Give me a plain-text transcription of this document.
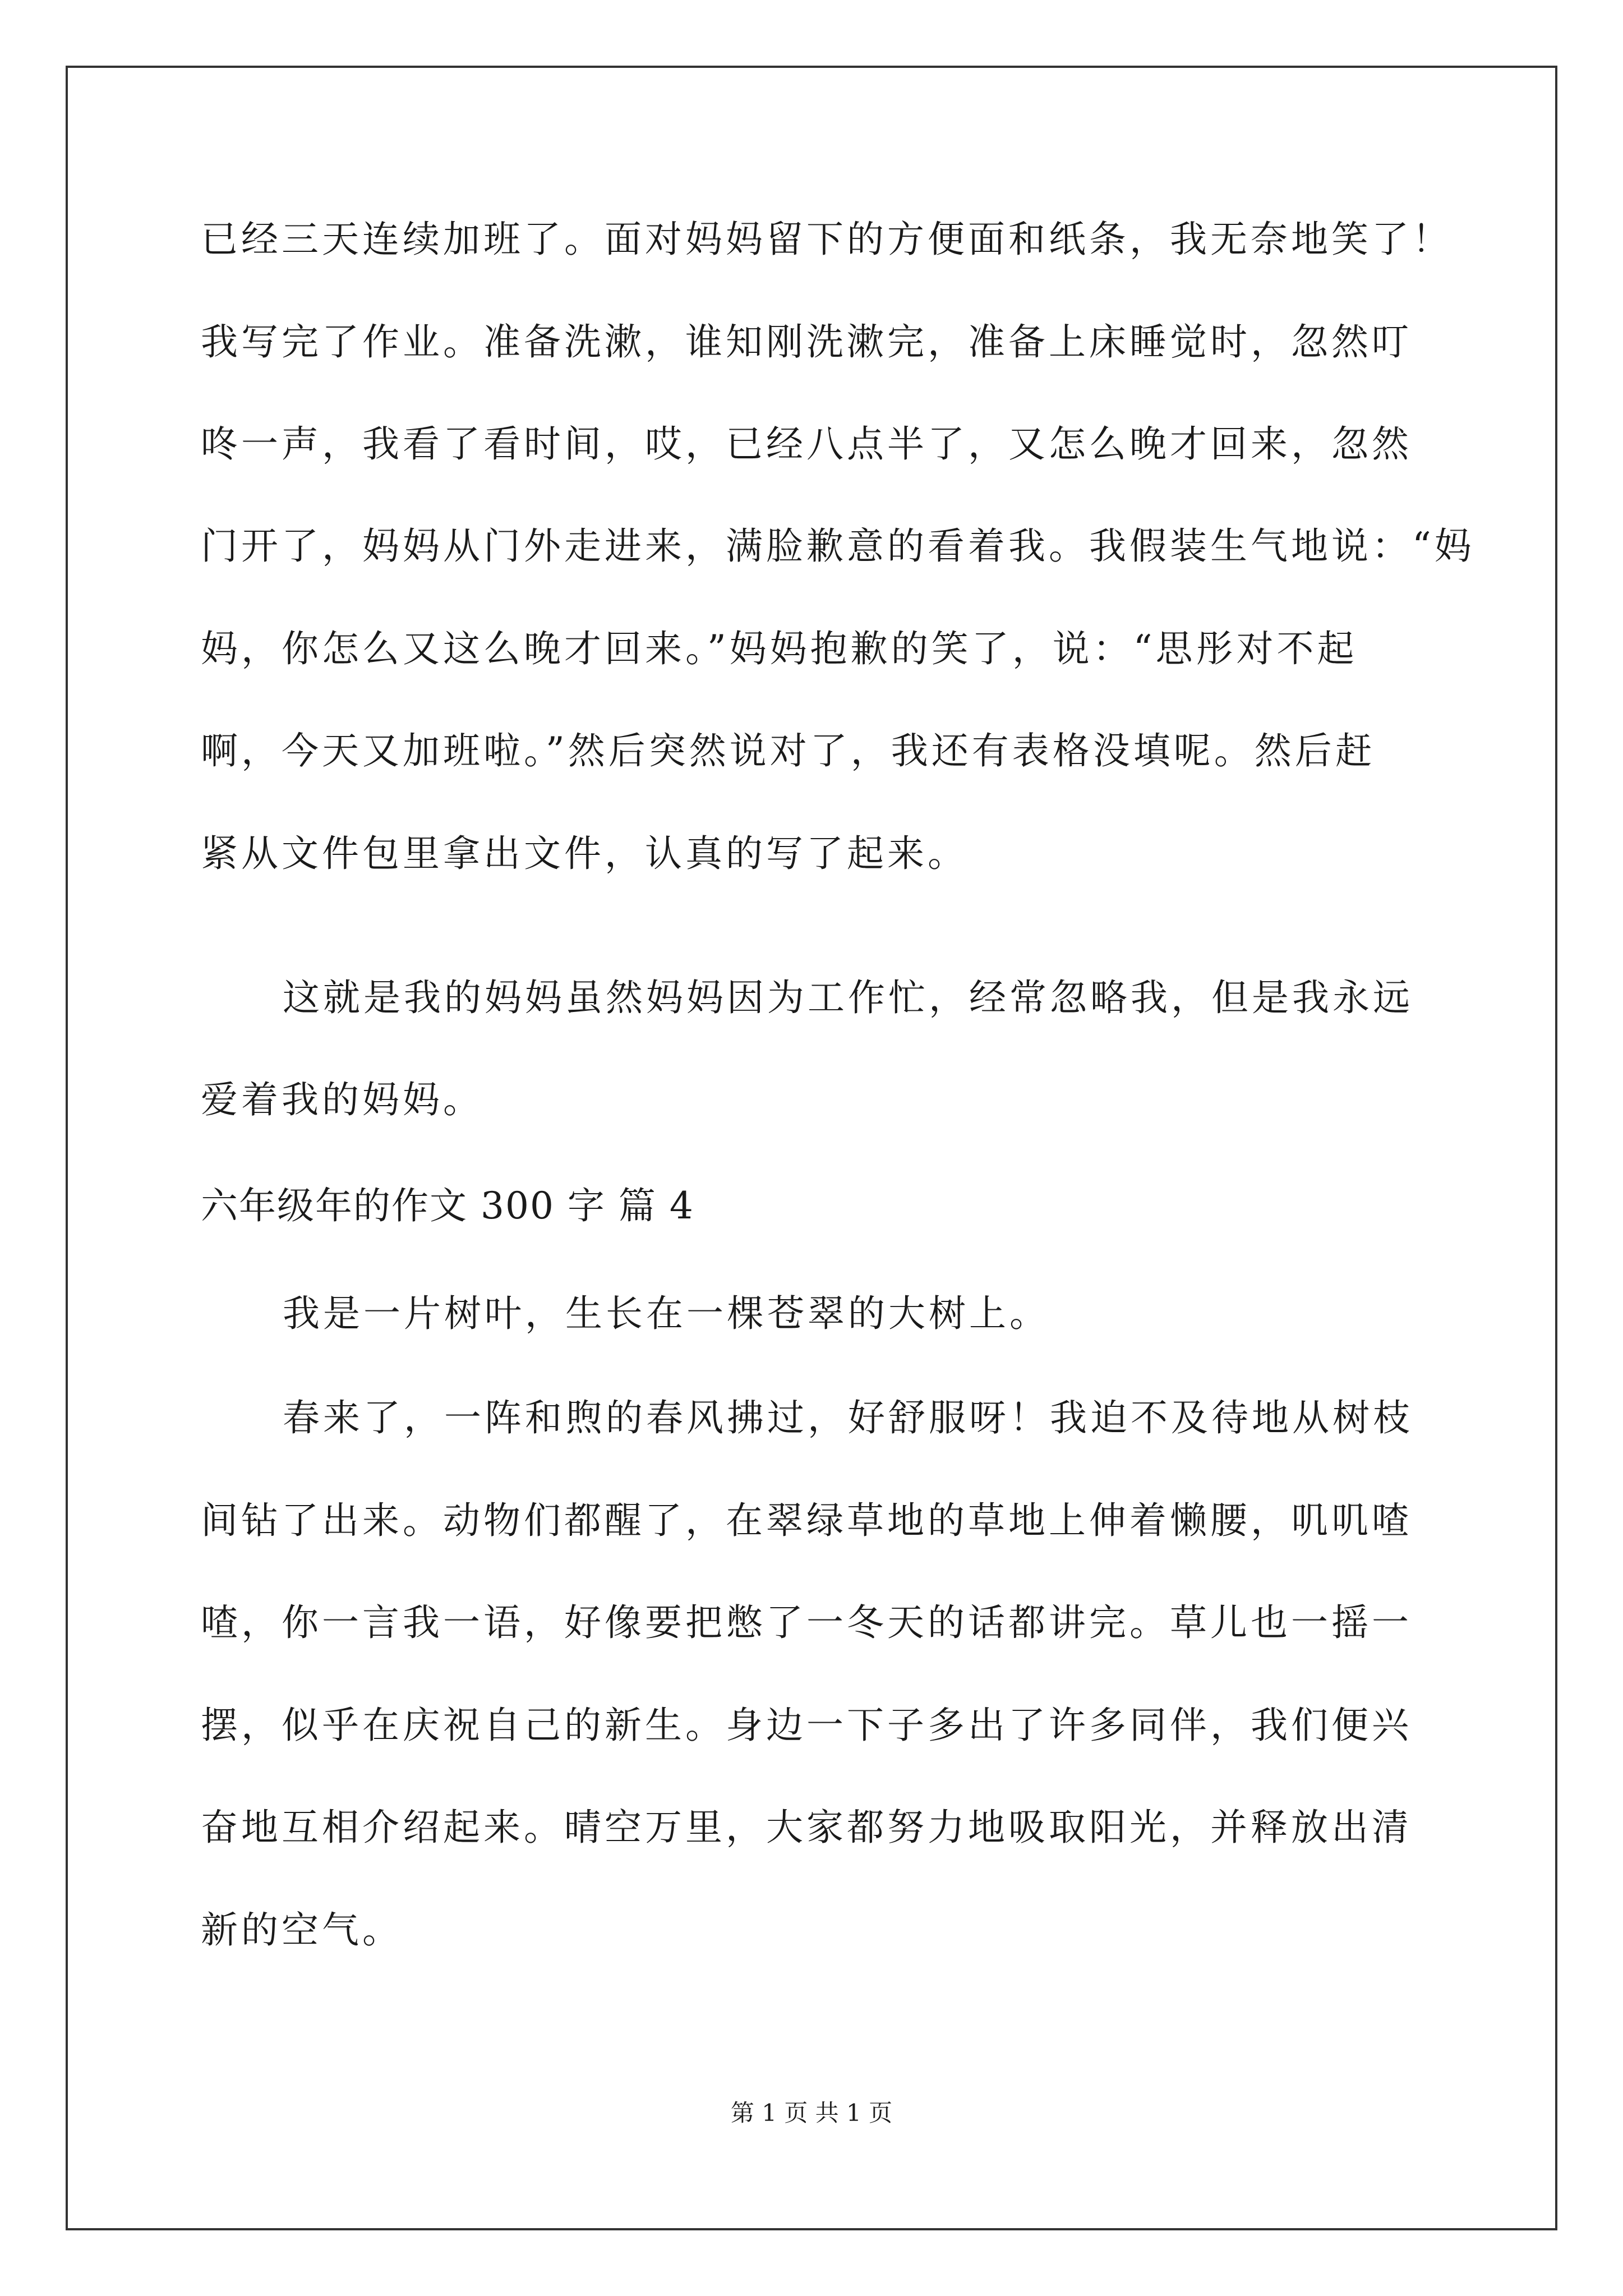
已经三天连续加班了。面对妈妈留下的方便面和纸条，我无奈地笑了！
我写完了作业。准备洗漱，谁知刚洗漱完，准备上床睡觉时，忽然叮
咚一声，我看了看时间，哎，已经八点半了，又怎么晚才回来，忽然
门开了，妈妈从门外走进来，满脸歉意的看着我。我假装生气地说：“妈
妈，你怎么又这么晚才回来。”妈妈抱歉的笑了，说：“思彤对不起
啊，今天又加班啦。”然后突然说对了，我还有表格没填呢。然后赶
紧从文件包里拿出文件，认真的写了起来。
这就是我的妈妈虽然妈妈因为工作忙，经常忽略我，但是我永远
爱着我的妈妈。
六年级年的作文 300 字 篇 4
我是一片树叶，生长在一棵苍翠的大树上。
春来了，一阵和煦的春风拂过，好舒服呀！我迫不及待地从树枝
间钻了出来。动物们都醒了，在翠绿草地的草地上伸着懒腰，叽叽喳
喳，你一言我一语，好像要把憋了一冬天的话都讲完。草儿也一摇一
摆，似乎在庆祝自己的新生。身边一下子多出了许多同伴，我们便兴
奋地互相介绍起来。晴空万里，大家都努力地吸取阳光，并释放出清
新的空气。
第 1 页 共 1 页
